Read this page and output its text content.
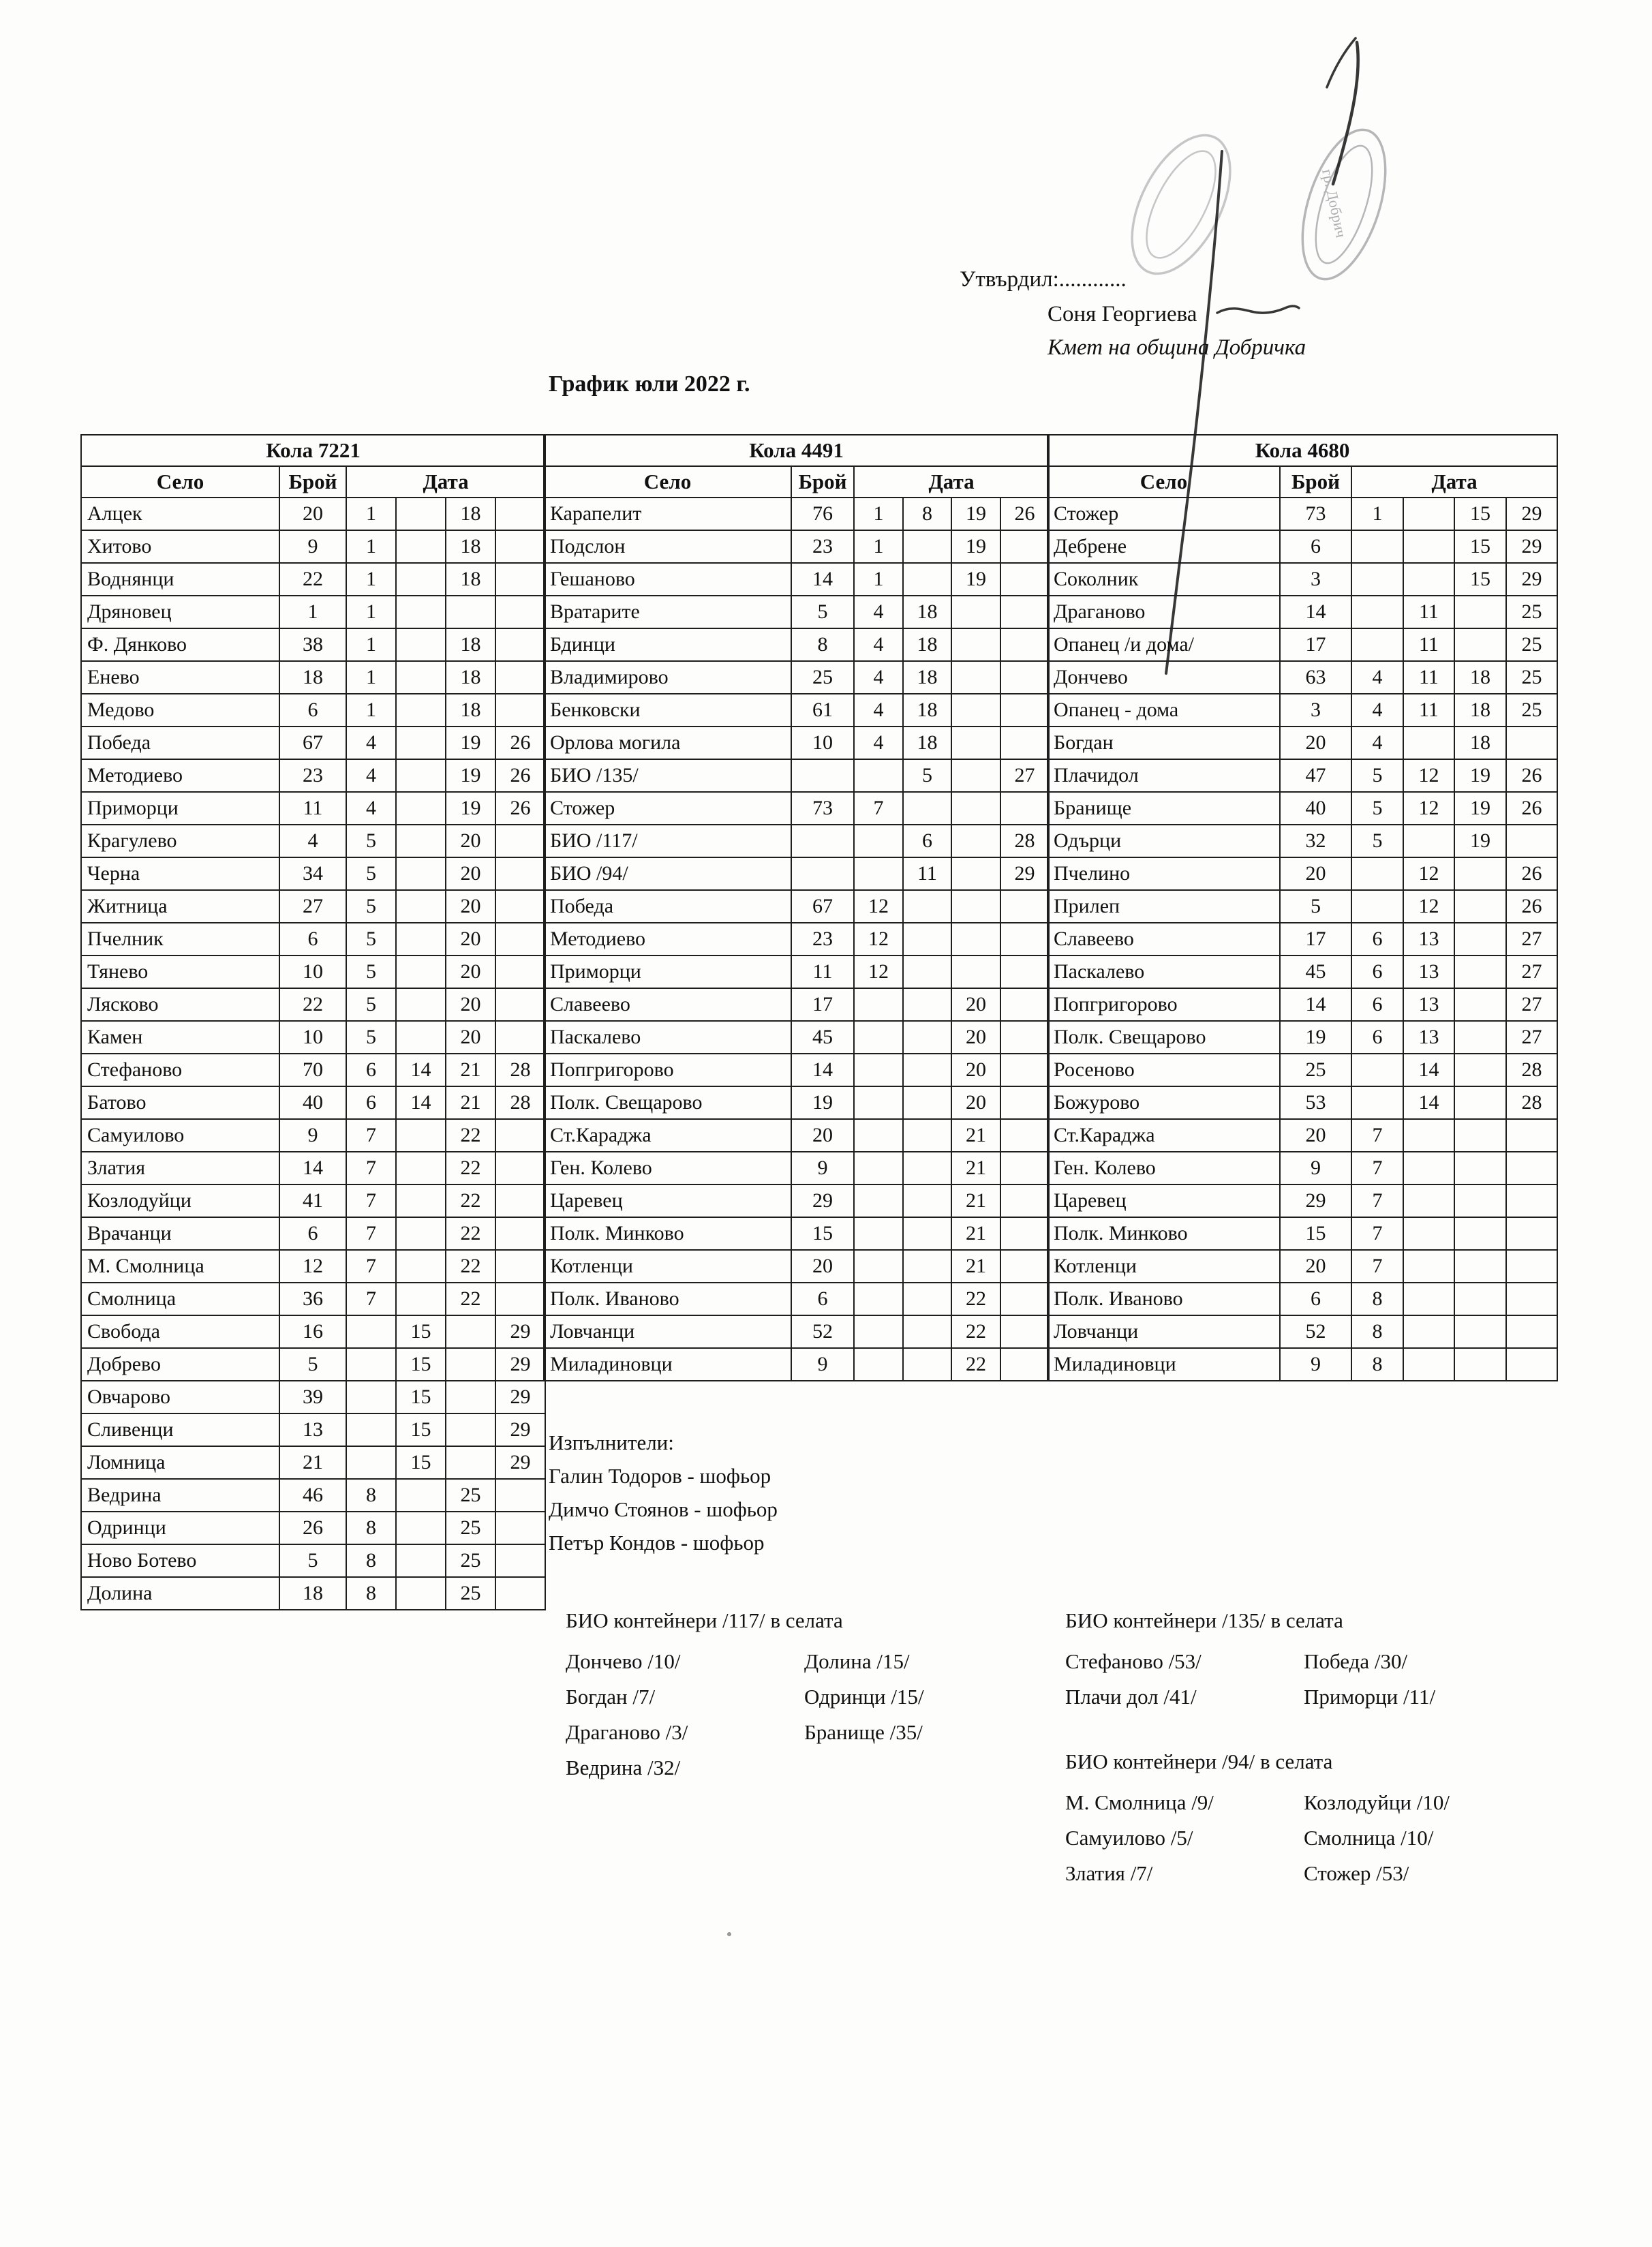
гр. Добрич
Утвърдил:............
Соня Георгиева
Кмет на община Добричка
График юли 2022 г.
Кола 7221					
Село	Брой	Дата			
Алцек	20	1		18	
Хитово	9	1		18	
Воднянци	22	1		18	
Дряновец	1	1			
Ф. Дянково	38	1		18	
Енево	18	1		18	
Медово	6	1		18	
Победа	67	4		19	26
Методиево	23	4		19	26
Приморци	11	4		19	26
Крагулево	4	5		20	
Черна	34	5		20	
Житница	27	5		20	
Пчелник	6	5		20	
Тянево	10	5		20	
Лясково	22	5		20	
Камен	10	5		20	
Стефаново	70	6	14	21	28
Батово	40	6	14	21	28
Самуилово	9	7		22	
Златия	14	7		22	
Козлодуйци	41	7		22	
Врачанци	6	7		22	
М. Смолница	12	7		22	
Смолница	36	7		22	
Свобода	16		15		29
Добрево	5		15		29
Овчарово	39		15		29
Сливенци	13		15		29
Ломница	21		15		29
Ведрина	46	8		25	
Одринци	26	8		25	
Ново Ботево	5	8		25	
Долина	18	8		25	
Кола 4491					
Село	Брой	Дата			
Карапелит	76	1	8	19	26
Подслон	23	1		19	
Гешаново	14	1		19	
Вратарите	5	4	18		
Бдинци	8	4	18		
Владимирово	25	4	18		
Бенковски	61	4	18		
Орлова могила	10	4	18		
БИО /135/			5		27
Стожер	73	7			
БИО /117/			6		28
БИО /94/			11		29
Победа	67	12			
Методиево	23	12			
Приморци	11	12			
Славеево	17			20	
Паскалево	45			20	
Попгригорово	14			20	
Полк. Свещарово	19			20	
Ст.Караджа	20			21	
Ген. Колево	9			21	
Царевец	29			21	
Полк. Минково	15			21	
Котленци	20			21	
Полк. Иваново	6			22	
Ловчанци	52			22	
Миладиновци	9			22	
Кола 4680					
Село	Брой	Дата			
Стожер	73	1		15	29
Дебрене	6			15	29
Соколник	3			15	29
Драганово	14		11		25
Опанец /и дома/	17		11		25
Дончево	63	4	11	18	25
Опанец - дома	3	4	11	18	25
Богдан	20	4		18	
Плачидол	47	5	12	19	26
Бранище	40	5	12	19	26
Одърци	32	5		19	
Пчелино	20		12		26
Прилеп	5		12		26
Славеево	17	6	13		27
Паскалево	45	6	13		27
Попгригорово	14	6	13		27
Полк. Свещарово	19	6	13		27
Росеново	25		14		28
Божурово	53		14		28
Ст.Караджа	20	7			
Ген. Колево	9	7			
Царевец	29	7			
Полк. Минково	15	7			
Котленци	20	7			
Полк. Иваново	6	8			
Ловчанци	52	8			
Миладиновци	9	8			
Изпълнители:
Галин Тодоров - шофьор
Димчо Стоянов - шофьор
Петър Кондов - шофьор
БИО контейнери /117/ в селата
Дончево /10/	Долина /15/
Богдан /7/	Одринци /15/
Драганово /3/	Бранище /35/
Ведрина /32/
БИО контейнери /135/ в селата
Стефаново /53/	Победа /30/
Плачи дол /41/	Приморци /11/
БИО контейнери /94/ в селата
М. Смолница /9/	Козлодуйци /10/
Самуилово /5/	Смолница /10/
Златия /7/	Стожер /53/
